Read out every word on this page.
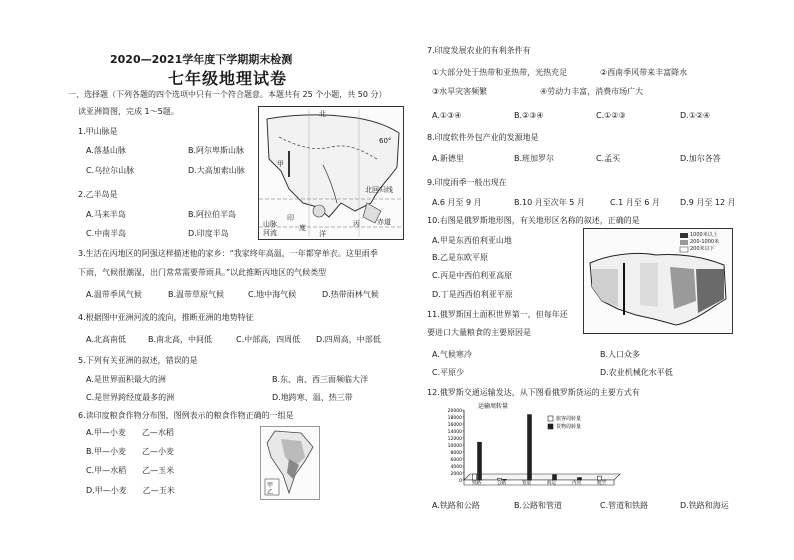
2020—2021学年度下学期期末检测
七年级地理试卷
一、选择题（下列各题的四个选项中只有一个符合题意。本题共有 25 个小题，共 50 分）
读亚洲简图，完成 1～5题。
1.甲山脉是
A.落基山脉	B.阿尔卑斯山脉
C.乌拉尔山脉	D.大高加索山脉
2.乙半岛是
A.马来半岛	B.阿拉伯半岛
C.中南半岛	D.印度半岛
3.生活在丙地区的阿强这样描述他的家乡：“我家终年高温，一年都穿单衣。这里雨季
下雨，气候很潮湿，出门常常需要带雨具。”以此推断丙地区的气候类型
A.温带季风气候	B.温带草原气候	C.地中海气候	D.热带雨林气候
4.根据图中亚洲河流的流向，推断亚洲的地势特征
A.北高南低	B.南北高，中间低	C.中部高，四周低 D.四周高，中部低
5.下列有关亚洲的叙述，错误的是
A.是世界面积最大的洲	B.东、南、西三面频临大洋
C.是世界跨经度最多的洲	D.地跨寒、温、热三带
6.读印度粮食作物分布图，图例表示的粮食作物正确的一组是
A.甲—小麦　　乙—水稻
B.甲—小麦　　乙—小麦
C.甲—水稻　　乙—玉米
D.甲—小麦　　乙—玉米
北
60°
甲
北回归线
印
度
洋
丙 赤道
山脉
河流
甲
乙
7.印度发展农业的有利条件有
①大部分处于热带和亚热带，光热充足	②西南季风带来丰富降水
③水旱灾害频繁	④劳动力丰富，消费市场广大
A.①③④	B.②③④	C.①②③	D.①②④
8.印度软件外包产业的发源地是
A.新德里	B.班加罗尔	C.孟买	D.加尔各答
9.印度雨季一般出现在
A.6 月至 9 月	B.10 月至次年 5 月	C.1 月至 6 月	D.9 月至 12 月
10.右图是俄罗斯地形图，有关地形区名称的叙述，正确的是
A.甲是东西伯利亚山地
B.乙是东欧平原
C.丙是中西伯利亚高原
D.丁是西西伯利亚平原
1000米以上
200-1000米
200米以下
11.俄罗斯国土面积世界第一，但每年还
要进口大量粮食的主要原因是
A.气候寒冷	B.人口众多
C.平原少	D.农业机械化水平低
12.俄罗斯交通运输发达，从下图看俄罗斯货运的主要方式有
运输周转量
20000
18000
16000
14000
12000
10000
8000
6000
4000
2000
0 铁路	公路	管道	海运	内河	航空
旅客周转量
货物周转量
A.铁路和公路	B.公路和管道	C.管道和铁路	D.铁路和海运
